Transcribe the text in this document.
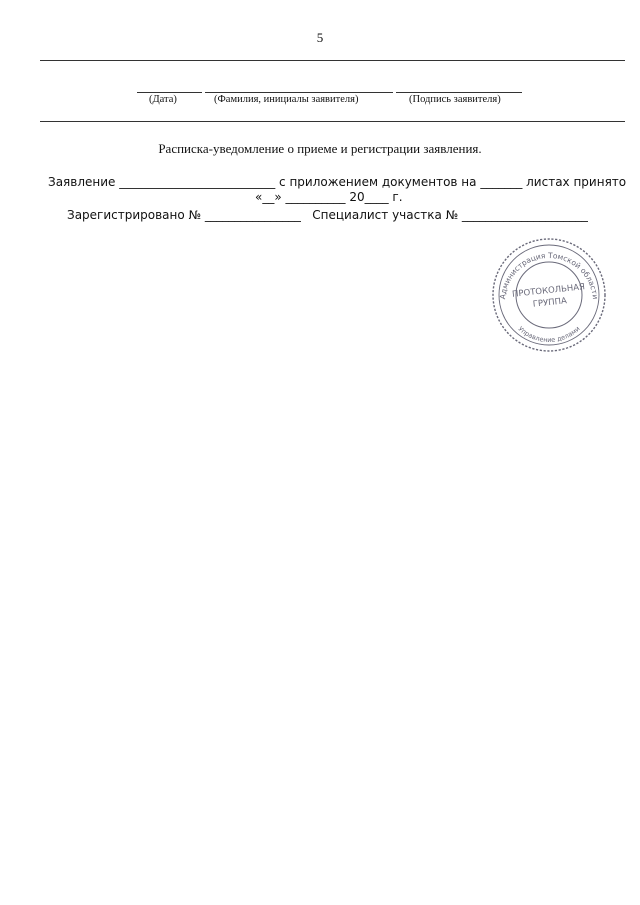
5
(Дата)	(Фамилия, инициалы заявителя)	(Подпись заявителя)
Расписка-уведомление о приеме и регистрации заявления.
Заявление __________________________ с приложением документов на _______ листах принято
«__» __________ 20____ г.
Зарегистрировано № ________________   Специалист участка № _____________________
Администрация Томской области
Управление делами
ПРОТОКОЛЬНАЯ
ГРУППА
